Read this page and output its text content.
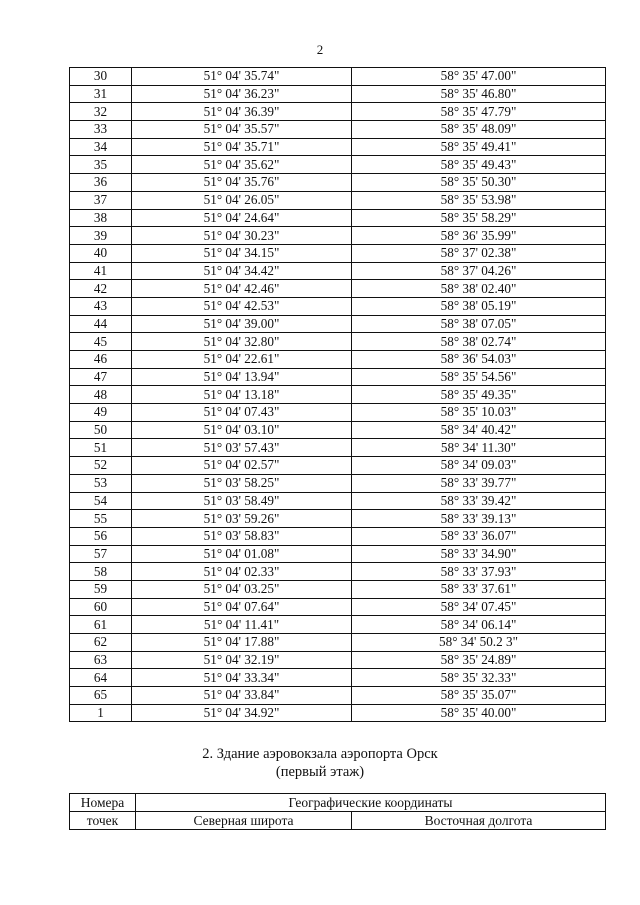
2
30	51° 04' 35.74"	58° 35' 47.00"
31	51° 04' 36.23"	58° 35' 46.80"
32	51° 04' 36.39"	58° 35' 47.79"
33	51° 04' 35.57"	58° 35' 48.09"
34	51° 04' 35.71"	58° 35' 49.41"
35	51° 04' 35.62"	58° 35' 49.43"
36	51° 04' 35.76"	58° 35' 50.30"
37	51° 04' 26.05"	58° 35' 53.98"
38	51° 04' 24.64"	58° 35' 58.29"
39	51° 04' 30.23"	58° 36' 35.99"
40	51° 04' 34.15"	58° 37' 02.38"
41	51° 04' 34.42"	58° 37' 04.26"
42	51° 04' 42.46"	58° 38' 02.40"
43	51° 04' 42.53"	58° 38' 05.19"
44	51° 04' 39.00"	58° 38' 07.05"
45	51° 04' 32.80"	58° 38' 02.74"
46	51° 04' 22.61"	58° 36' 54.03"
47	51° 04' 13.94"	58° 35' 54.56"
48	51° 04' 13.18"	58° 35' 49.35"
49	51° 04' 07.43"	58° 35' 10.03"
50	51° 04' 03.10"	58° 34' 40.42"
51	51° 03' 57.43"	58° 34' 11.30"
52	51° 04' 02.57"	58° 34' 09.03"
53	51° 03' 58.25"	58° 33' 39.77"
54	51° 03' 58.49"	58° 33' 39.42"
55	51° 03' 59.26"	58° 33' 39.13"
56	51° 03' 58.83"	58° 33' 36.07"
57	51° 04' 01.08"	58° 33' 34.90"
58	51° 04' 02.33"	58° 33' 37.93"
59	51° 04' 03.25"	58° 33' 37.61"
60	51° 04' 07.64"	58° 34' 07.45"
61	51° 04' 11.41"	58° 34' 06.14"
62	51° 04' 17.88"	58° 34' 50.2 3"
63	51° 04' 32.19"	58° 35' 24.89"
64	51° 04' 33.34"	58° 35' 32.33"
65	51° 04' 33.84"	58° 35' 35.07"
1	51° 04' 34.92"	58° 35' 40.00"
2. Здание аэровокзала аэропорта Орск
(первый этаж)
Номера	Географические координаты	
точек	Северная широта	Восточная долгота
